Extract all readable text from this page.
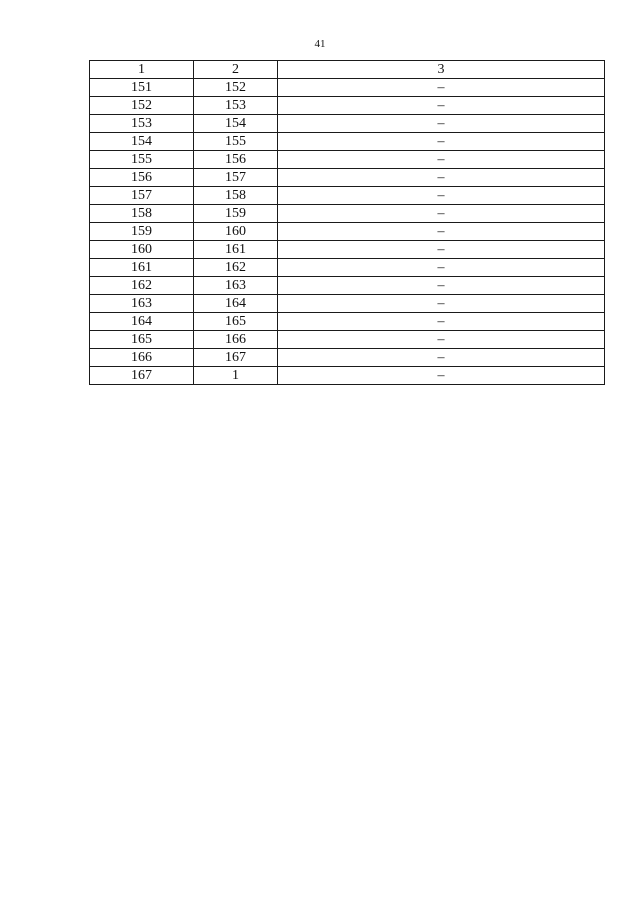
41
1	2	3
151	152	–
152	153	–
153	154	–
154	155	–
155	156	–
156	157	–
157	158	–
158	159	–
159	160	–
160	161	–
161	162	–
162	163	–
163	164	–
164	165	–
165	166	–
166	167	–
167	1	–
